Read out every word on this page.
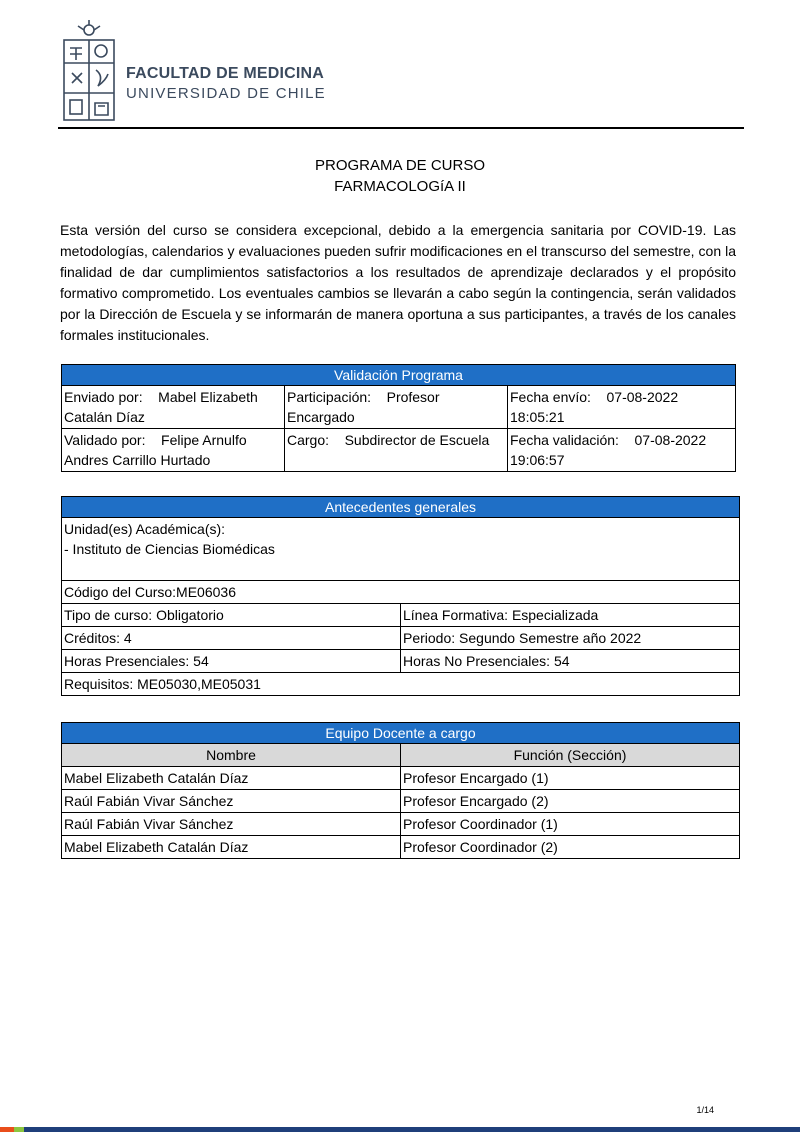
FACULTAD DE MEDICINA
UNIVERSIDAD DE CHILE
PROGRAMA DE CURSO
FARMACOLOGíA II
Esta versión del curso se considera excepcional, debido a la emergencia sanitaria por COVID-19. Las metodologías, calendarios y evaluaciones pueden sufrir modificaciones en el transcurso del semestre, con la finalidad de dar cumplimientos satisfactorios a los resultados de aprendizaje declarados y el propósito formativo comprometido. Los eventuales cambios se llevarán a cabo según la contingencia, serán validados por la Dirección de Escuela y se informarán de manera oportuna a sus participantes, a través de los canales formales institucionales.
Validación Programa		
Enviado por:    Mabel Elizabeth Catalán Díaz	Participación:    Profesor Encargado	Fecha envío:    07-08-2022 18:05:21
Validado por:    Felipe Arnulfo Andres Carrillo Hurtado	Cargo:    Subdirector de Escuela	Fecha validación:    07-08-2022 19:06:57
Antecedentes generales	

Unidad(es) Académica(s):
- Instituto de Ciencias Biomédicas	

Código del Curso:ME06036	
Tipo de curso: Obligatorio	Línea Formativa: Especializada
Créditos: 4	Periodo: Segundo Semestre año 2022
Horas Presenciales: 54	Horas No Presenciales: 54
Requisitos: ME05030,ME05031	
Equipo Docente a cargo	
Nombre	Función (Sección)
Mabel Elizabeth Catalán Díaz	Profesor Encargado (1)
Raúl Fabián Vivar Sánchez	Profesor Encargado (2)
Raúl Fabián Vivar Sánchez	Profesor Coordinador (1)
Mabel Elizabeth Catalán Díaz	Profesor Coordinador (2)
1/14
